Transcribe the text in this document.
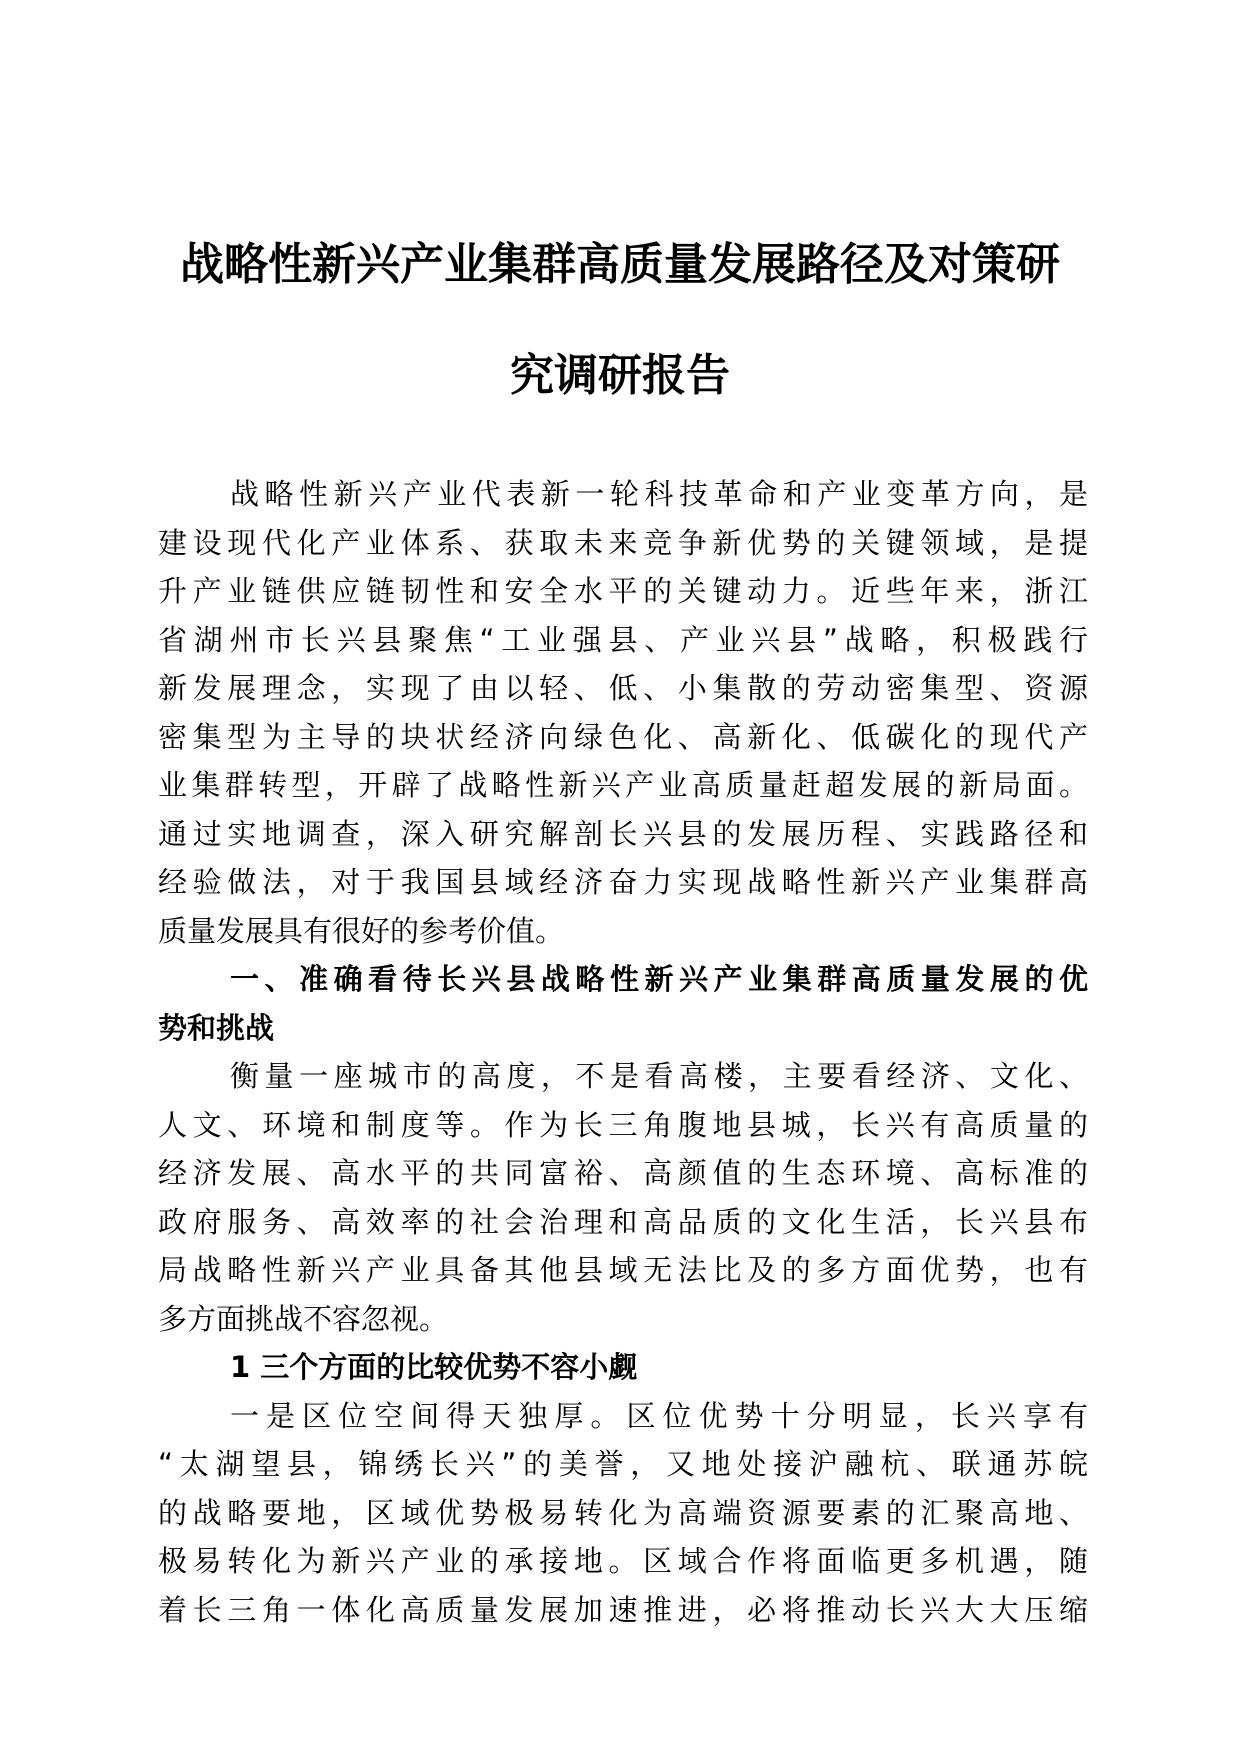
战略性新兴产业集群高质量发展路径及对策研
究调研报告
战略性新兴产业代表新一轮科技革命和产业变革方向，是
建设现代化产业体系、获取未来竞争新优势的关键领域，是提
升产业链供应链韧性和安全水平的关键动力。近些年来，浙江
省湖州市长兴县聚焦“工业强县、产业兴县”战略，积极践行
新发展理念，实现了由以轻、低、小集散的劳动密集型、资源
密集型为主导的块状经济向绿色化、高新化、低碳化的现代产
业集群转型，开辟了战略性新兴产业高质量赶超发展的新局面。
通过实地调查，深入研究解剖长兴县的发展历程、实践路径和
经验做法，对于我国县域经济奋力实现战略性新兴产业集群高
质量发展具有很好的参考价值。
一、准确看待长兴县战略性新兴产业集群高质量发展的优
势和挑战
衡量一座城市的高度，不是看高楼，主要看经济、文化、
人文、环境和制度等。作为长三角腹地县城，长兴有高质量的
经济发展、高水平的共同富裕、高颜值的生态环境、高标准的
政府服务、高效率的社会治理和高品质的文化生活，长兴县布
局战略性新兴产业具备其他县域无法比及的多方面优势，也有
多方面挑战不容忽视。
1 三个方面的比较优势不容小觑
一是区位空间得天独厚。区位优势十分明显，长兴享有
“太湖望县，锦绣长兴”的美誉，又地处接沪融杭、联通苏皖
的战略要地，区域优势极易转化为高端资源要素的汇聚高地、
极易转化为新兴产业的承接地。区域合作将面临更多机遇，随
着长三角一体化高质量发展加速推进，必将推动长兴大大压缩
